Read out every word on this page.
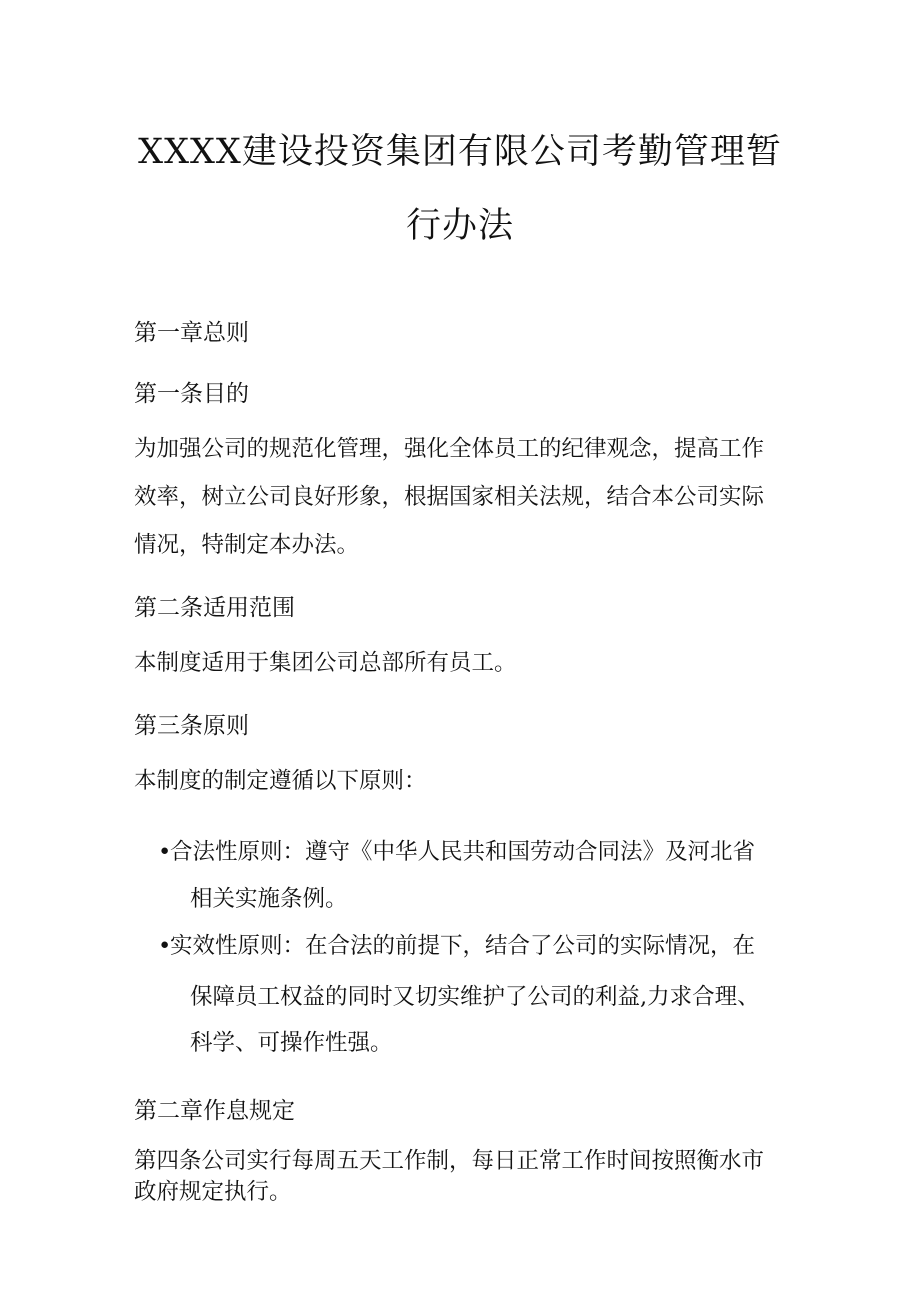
XXXX建设投资集团有限公司考勤管理暂
行办法
第一章总则
第一条目的
为加强公司的规范化管理，强化全体员工的纪律观念，提高工作
效率，树立公司良好形象，根据国家相关法规，结合本公司实际
情况，特制定本办法。
第二条适用范围
本制度适用于集团公司总部所有员工。
第三条原则
本制度的制定遵循以下原则：
•合法性原则：遵守《中华人民共和国劳动合同法》及河北省
相关实施条例。
•实效性原则：在合法的前提下，结合了公司的实际情况，在
保障员工权益的同时又切实维护了公司的利益,力求合理、
科学、可操作性强。
第二章作息规定
第四条公司实行每周五天工作制，每日正常工作时间按照衡水市
政府规定执行。
